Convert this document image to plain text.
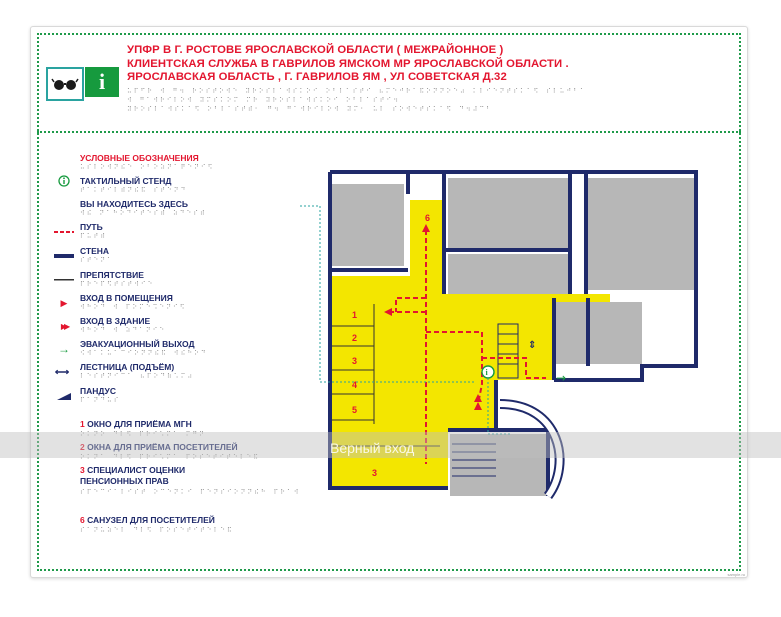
i
УПФР В Г. РОСТОВЕ ЯРОСЛАВСКОЙ ОБЛАСТИ ( МЕЖРАЙОННОЕ )
КЛИЕНТСКАЯ СЛУЖБА В ГАВРИЛОВ ЯМСКОМ МР ЯРОСЛАВСКОЙ ОБЛАСТИ .
ЯРОСЛАВСКАЯ ОБЛАСТЬ , Г. ГАВРИЛОВ ЯМ , УЛ СОВЕТСКАЯ Д.32
⠥⠏⠋⠗ ⠺ ⠛⠲ ⠗⠕⠎⠞⠕⠺⠑ ⠽⠗⠕⠎⠇⠁⠺⠎⠅⠕⠊ ⠕⠃⠇⠁⠎⠞⠊ ⠦⠍⠑⠚⠗⠁⠯⠕⠝⠝⠕⠑⠴ ⠅⠇⠊⠑⠝⠞⠎⠅⠁⠫ ⠎⠇⠥⠚⠃⠁
⠺ ⠛⠁⠺⠗⠊⠇⠕⠺ ⠽⠍⠎⠅⠕⠍ ⠍⠗ ⠽⠗⠕⠎⠇⠁⠺⠎⠅⠕⠊ ⠕⠃⠇⠁⠎⠞⠊⠲
⠽⠗⠕⠎⠇⠁⠺⠎⠅⠁⠫ ⠕⠃⠇⠁⠎⠞⠾⠂ ⠛⠲ ⠛⠁⠺⠗⠊⠇⠕⠺ ⠽⠍⠂ ⠥⠇ ⠎⠕⠺⠑⠞⠎⠅⠁⠫ ⠙⠲⠼⠉⠃
УСЛОВНЫЕ ОБОЗНАЧЕНИЯ
⠥⠎⠇⠕⠺⠝⠮⠑ ⠕⠃⠕⠵⠝⠁⠟⠑⠝⠊⠫
ТАКТИЛЬНЫЙ СТЕНД
⠞⠁⠅⠞⠊⠇⠾⠝⠮⠯ ⠎⠞⠑⠝⠙
ВЫ НАХОДИТЕСЬ ЗДЕСЬ
⠺⠮ ⠝⠁⠓⠕⠙⠊⠞⠑⠎⠾ ⠵⠙⠑⠎⠾
ПУТЬ
⠏⠥⠞⠾
СТЕНА
⠎⠞⠑⠝⠁
ПРЕПЯТСТВИЕ
⠏⠗⠑⠏⠫⠞⠎⠞⠺⠊⠑
▶	ВХОД В ПОМЕЩЕНИЯ
⠺⠓⠕⠙ ⠺ ⠏⠕⠍⠑⠩⠑⠝⠊⠫
▶▶	ВХОД В ЗДАНИЕ
⠺⠓⠕⠙ ⠺ ⠵⠙⠁⠝⠊⠑
→	ЭВАКУАЦИОННЫЙ ВЫХОД
⠪⠺⠁⠅⠥⠁⠉⠊⠕⠝⠝⠮⠯ ⠺⠮⠓⠕⠙
⟷	ЛЕСТНИЦА (ПОДЪЁМ)
⠇⠑⠎⠞⠝⠊⠉⠁ ⠦⠏⠕⠙⠷⠡⠍⠴
ПАНДУС
⠏⠁⠝⠙⠥⠎
1 ОКНО ДЛЯ ПРИЁМА МГН
⠕⠅⠝⠕ ⠙⠇⠫ ⠏⠗⠊⠡⠍⠁ ⠍⠛⠝
2 ОКНА ДЛЯ ПРИЁМА ПОСЕТИТЕЛЕЙ
⠕⠅⠝⠁ ⠙⠇⠫ ⠏⠗⠊⠡⠍⠁ ⠏⠕⠎⠑⠞⠊⠞⠑⠇⠑⠯
3 СПЕЦИАЛИСТ ОЦЕНКИ
ПЕНСИОННЫХ ПРАВ
⠎⠏⠑⠉⠊⠁⠇⠊⠎⠞ ⠕⠉⠑⠝⠅⠊ ⠏⠑⠝⠎⠊⠕⠝⠝⠮⠓ ⠏⠗⠁⠺
6 САНУЗЕЛ ДЛЯ ПОСЕТИТЕЛЕЙ
⠎⠁⠝⠥⠵⠑⠇ ⠙⠇⠫ ⠏⠕⠎⠑⠞⠊⠞⠑⠇⠑⠯
→
⇕
i
1
2
3
4
5
6
3
Верный вход
sample.ru
